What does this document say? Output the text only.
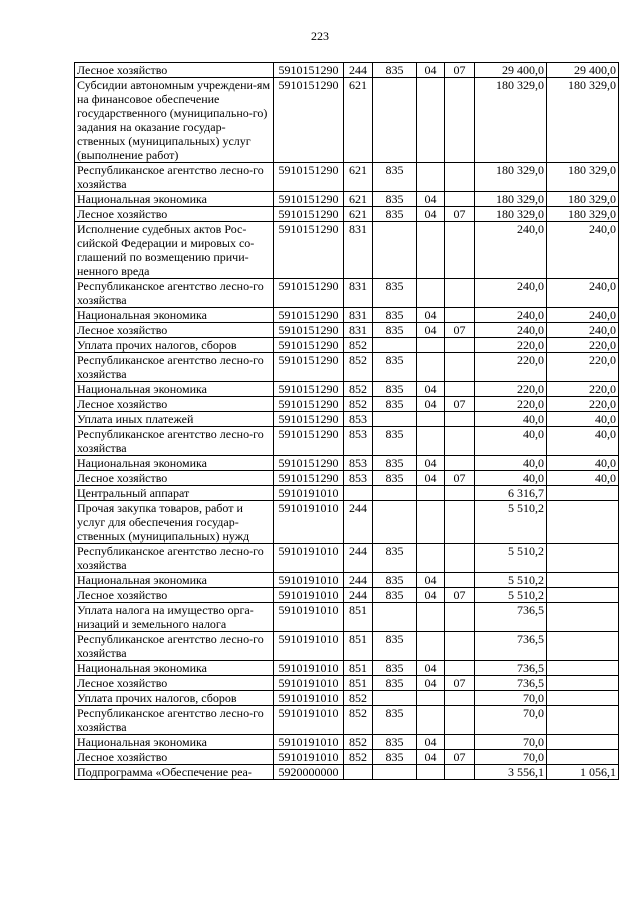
223
Лесное хозяйство	5910151290	244	835	04	07	29 400,0	29 400,0
Субсидии автономным учреждени-ям на финансовое обеспечение государственного (муниципально-го) задания на оказание государ-ственных (муниципальных) услуг (выполнение работ)	5910151290	621				180 329,0	180 329,0
Республиканское агентство лесно-го хозяйства	5910151290	621	835			180 329,0	180 329,0
Национальная экономика	5910151290	621	835	04		180 329,0	180 329,0
Лесное хозяйство	5910151290	621	835	04	07	180 329,0	180 329,0
Исполнение судебных актов Рос-сийской Федерации и мировых со-глашений по возмещению причи-ненного вреда	5910151290	831				240,0	240,0
Республиканское агентство лесно-го хозяйства	5910151290	831	835			240,0	240,0
Национальная экономика	5910151290	831	835	04		240,0	240,0
Лесное хозяйство	5910151290	831	835	04	07	240,0	240,0
Уплата прочих налогов, сборов	5910151290	852				220,0	220,0
Республиканское агентство лесно-го хозяйства	5910151290	852	835			220,0	220,0
Национальная экономика	5910151290	852	835	04		220,0	220,0
Лесное хозяйство	5910151290	852	835	04	07	220,0	220,0
Уплата иных платежей	5910151290	853				40,0	40,0
Республиканское агентство лесно-го хозяйства	5910151290	853	835			40,0	40,0
Национальная экономика	5910151290	853	835	04		40,0	40,0
Лесное хозяйство	5910151290	853	835	04	07	40,0	40,0
Центральный аппарат	5910191010					6 316,7	
Прочая закупка товаров, работ и услуг для обеспечения государ-ственных (муниципальных) нужд	5910191010	244				5 510,2	
Республиканское агентство лесно-го хозяйства	5910191010	244	835			5 510,2	
Национальная экономика	5910191010	244	835	04		5 510,2	
Лесное хозяйство	5910191010	244	835	04	07	5 510,2	
Уплата налога на имущество орга-низаций и земельного налога	5910191010	851				736,5	
Республиканское агентство лесно-го хозяйства	5910191010	851	835			736,5	
Национальная экономика	5910191010	851	835	04		736,5	
Лесное хозяйство	5910191010	851	835	04	07	736,5	
Уплата прочих налогов, сборов	5910191010	852				70,0	
Республиканское агентство лесно-го хозяйства	5910191010	852	835			70,0	
Национальная экономика	5910191010	852	835	04		70,0	
Лесное хозяйство	5910191010	852	835	04	07	70,0	
Подпрограмма «Обеспечение реа-	5920000000					3 556,1	1 056,1
